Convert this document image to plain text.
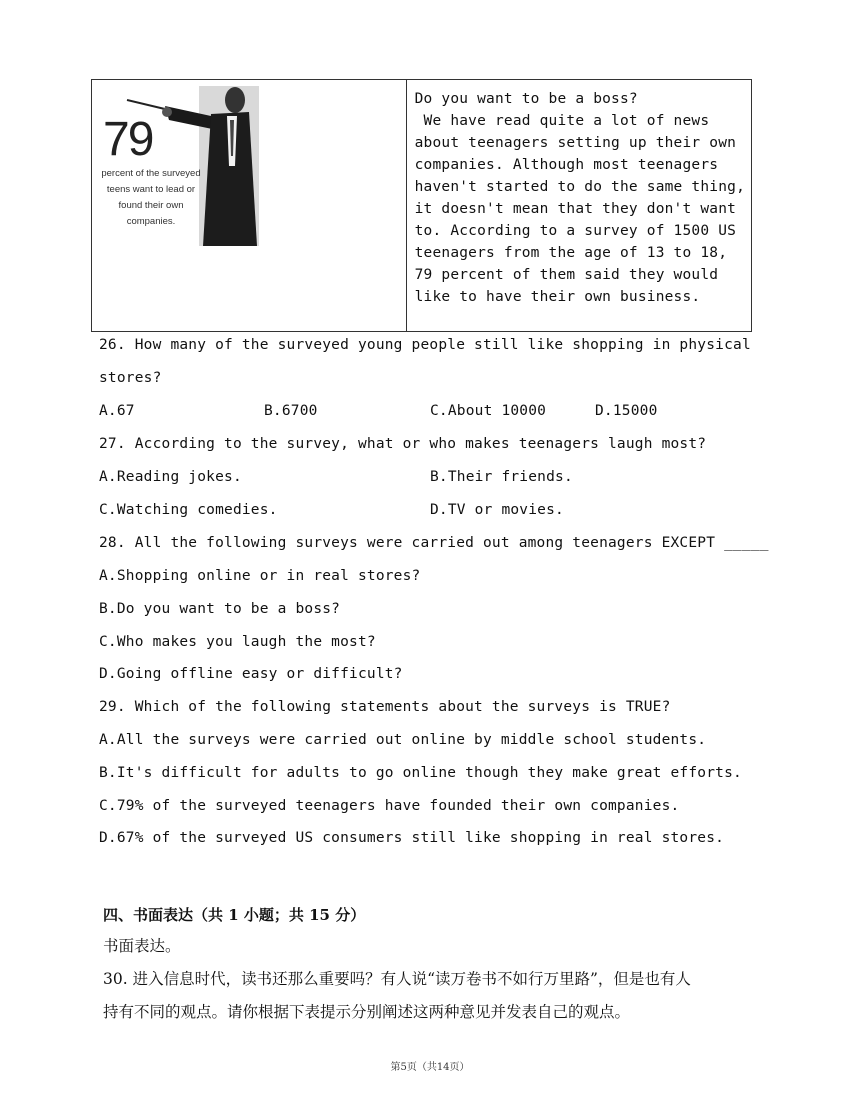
79
percent of the surveyed teens want to lead or found their own companies.

Do you want to be a boss?

We have read quite a lot of news

about teenagers setting up their own

companies. Although most teenagers

haven't started to do the same thing,

it doesn't mean that they don't want

to. According to a survey of 1500 US

teenagers from the age of 13 to 18,

79 percent of them said they would

like to have their own business.

26. How many of the surveyed young people still like shopping in physical
stores?
A.67	B.6700	C.About 10000	D.15000
27. According to the survey, what or who makes teenagers laugh most?
A.Reading jokes.	B.Their friends.
C.Watching comedies.	D.TV or movies.
28. All the following surveys were carried out among teenagers EXCEPT _____
A.Shopping online or in real stores?
B.Do you want to be a boss?
C.Who makes you laugh the most?
D.Going offline easy or difficult?
29. Which of the following statements about the surveys is TRUE?
A.All the surveys were carried out online by middle school students.
B.It's difficult for adults to go online though they make great efforts.
C.79% of the surveyed teenagers have founded their own companies.
D.67% of the surveyed US consumers still like shopping in real stores.
四、书面表达（共 1 小题；共 15 分）
书面表达。
30. 进入信息时代，读书还那么重要吗？有人说“读万卷书不如行万里路”，但是也有人
持有不同的观点。请你根据下表提示分别阐述这两种意见并发表自己的观点。
第5页（共14页）
